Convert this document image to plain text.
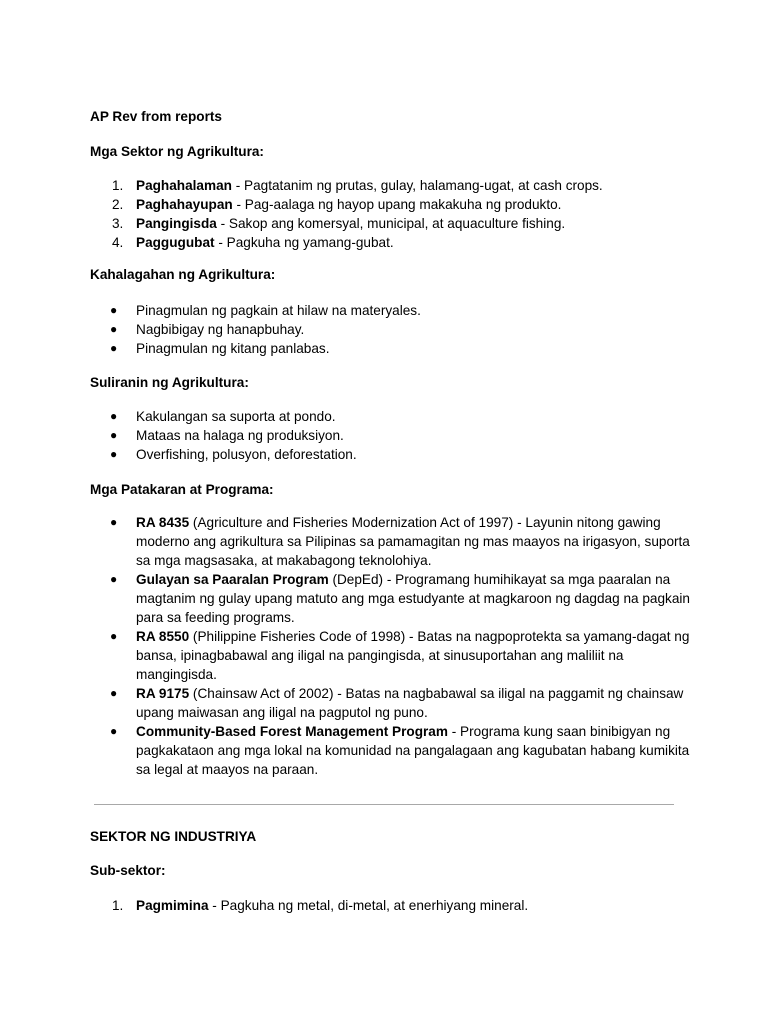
AP Rev from reports
Mga Sektor ng Agrikultura:
1. Paghahalaman - Pagtatanim ng prutas, gulay, halamang-ugat, at cash crops.
2. Paghahayupan - Pag-aalaga ng hayop upang makakuha ng produkto.
3. Pangingisda - Sakop ang komersyal, municipal, at aquaculture fishing.
4. Paggugubat - Pagkuha ng yamang-gubat.
Kahalagahan ng Agrikultura:
●	Pinagmulan ng pagkain at hilaw na materyales.
●	Nagbibigay ng hanapbuhay.
●	Pinagmulan ng kitang panlabas.
Suliranin ng Agrikultura:
●	Kakulangan sa suporta at pondo.
●	Mataas na halaga ng produksiyon.
●	Overfishing, polusyon, deforestation.
Mga Patakaran at Programa:
●	RA 8435 (Agriculture and Fisheries Modernization Act of 1997) - Layunin nitong gawing moderno ang agrikultura sa Pilipinas sa pamamagitan ng mas maayos na irigasyon, suporta sa mga magsasaka, at makabagong teknolohiya.
●	Gulayan sa Paaralan Program (DepEd) - Programang humihikayat sa mga paaralan na magtanim ng gulay upang matuto ang mga estudyante at magkaroon ng dagdag na pagkain para sa feeding programs.
●	RA 8550 (Philippine Fisheries Code of 1998) - Batas na nagpoprotekta sa yamang-dagat ng bansa, ipinagbabawal ang iligal na pangingisda, at sinusuportahan ang maliliit na mangingisda.
●	RA 9175 (Chainsaw Act of 2002) - Batas na nagbabawal sa iligal na paggamit ng chainsaw upang maiwasan ang iligal na pagputol ng puno.
●	Community-Based Forest Management Program - Programa kung saan binibigyan ng pagkakataon ang mga lokal na komunidad na pangalagaan ang kagubatan habang kumikita sa legal at maayos na paraan.
SEKTOR NG INDUSTRIYA
Sub-sektor:
1. Pagmimina - Pagkuha ng metal, di-metal, at enerhiyang mineral.
